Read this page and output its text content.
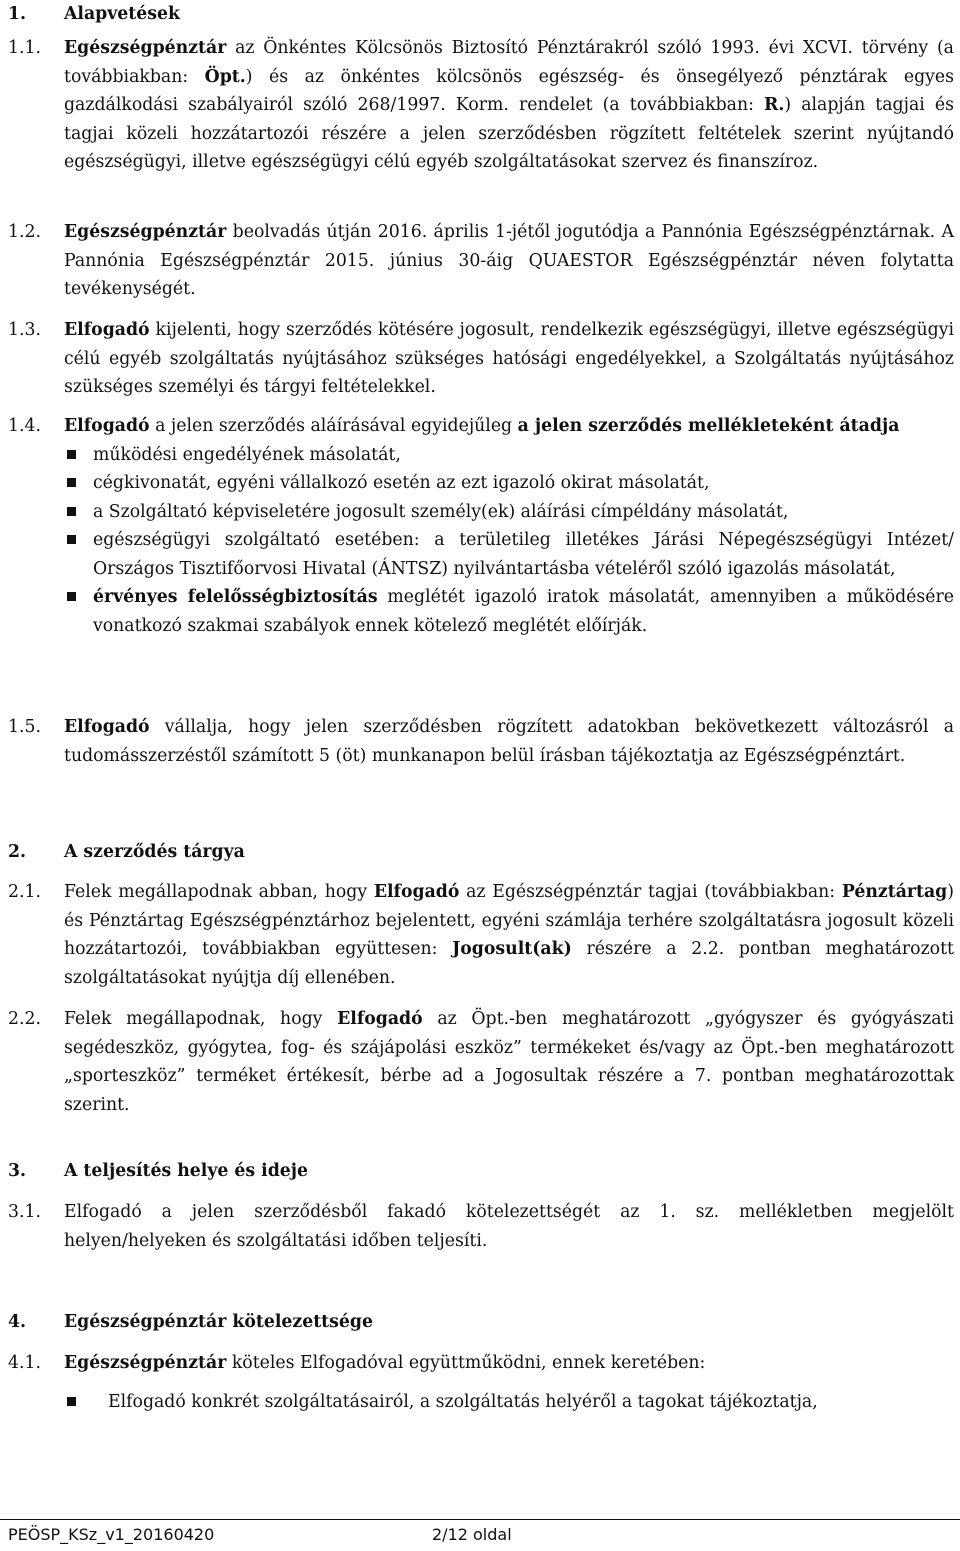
1.	Alapvetések
1.1.	Egészségpénztár az Önkéntes Kölcsönös Biztosító Pénztárakról szóló 1993. évi XCVI. törvény (a továbbiakban: Öpt.) és az önkéntes kölcsönös egészség- és önsegélyező pénztárak egyes gazdálkodási szabályairól szóló 268/1997. Korm. rendelet (a továbbiakban: R.) alapján tagjai és tagjai közeli hozzátartozói részére a jelen szerződésben rögzített feltételek szerint nyújtandó egészségügyi, illetve egészségügyi célú egyéb szolgáltatásokat szervez és finanszíroz.

1.2.	Egészségpénztár beolvadás útján 2016. április 1-jétől jogutódja a Pannónia Egészségpénztárnak. A Pannónia Egészségpénztár 2015. június 30-áig QUAESTOR Egészségpénztár néven folytatta tevékenységét.

1.3.	Elfogadó kijelenti, hogy szerződés kötésére jogosult, rendelkezik egészségügyi, illetve egészségügyi célú egyéb szolgáltatás nyújtásához szükséges hatósági engedélyekkel, a Szolgáltatás nyújtásához szükséges személyi és tárgyi feltételekkel.

1.4.	Elfogadó a jelen szerződés aláírásával egyidejűleg a jelen szerződés mellékleteként átadja

működési engedélyének másolatát,
cégkivonatát, egyéni vállalkozó esetén az ezt igazoló okirat másolatát,
a Szolgáltató képviseletére jogosult személy(ek) aláírási címpéldány másolatát,
egészségügyi szolgáltató esetében: a területileg illetékes Járási Népegészségügyi Intézet/ Országos Tisztifőorvosi Hivatal (ÁNTSZ) nyilvántartásba vételéről szóló igazolás másolatát,
érvényes felelősségbiztosítás meglétét igazoló iratok másolatát, amennyiben a működésére vonatkozó szakmai szabályok ennek kötelező meglétét előírják.
1.5.	Elfogadó vállalja, hogy jelen szerződésben rögzített adatokban bekövetkezett változásról a tudomásszerzéstől számított 5 (öt) munkanapon belül írásban tájékoztatja az Egészségpénztárt.

2.	A szerződés tárgya
2.1.	Felek megállapodnak abban, hogy Elfogadó az Egészségpénztár tagjai (továbbiakban: Pénztártag) és Pénztártag Egészségpénztárhoz bejelentett, egyéni számlája terhére szolgáltatásra jogosult közeli hozzátartozói, továbbiakban együttesen: Jogosult(ak) részére a 2.2. pontban meghatározott szolgáltatásokat nyújtja díj ellenében.

2.2.	Felek megállapodnak, hogy Elfogadó az Öpt.-ben meghatározott „gyógyszer és gyógyászati segédeszköz, gyógytea, fog- és szájápolási eszköz” termékeket és/vagy az Öpt.-ben meghatározott „sporteszköz” terméket értékesít, bérbe ad a Jogosultak részére a 7. pontban meghatározottak szerint.

3.	A teljesítés helye és ideje
3.1.	Elfogadó a jelen szerződésből fakadó kötelezettségét az 1. sz. mellékletben megjelölt helyen/helyeken és szolgáltatási időben teljesíti.

4.	Egészségpénztár kötelezettsége
4.1.	Egészségpénztár köteles Elfogadóval együttműködni, ennek keretében:

Elfogadó konkrét szolgáltatásairól, a szolgáltatás helyéről a tagokat tájékoztatja,
PEÖSP_KSz_v1_20160420	2/12 oldal
